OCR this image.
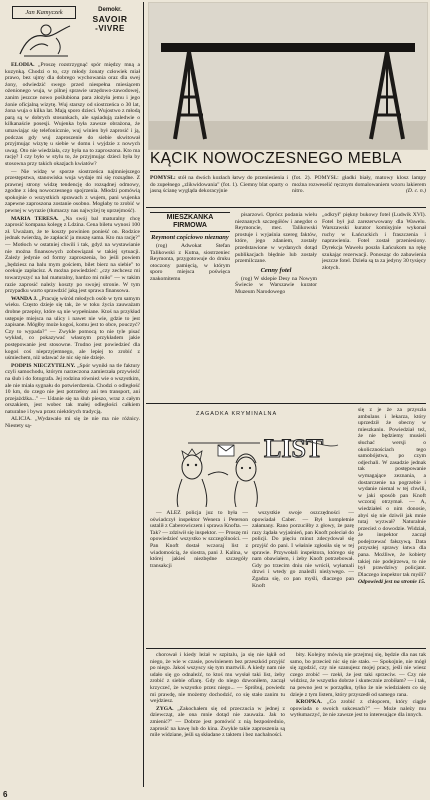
Jan Kamyczek	Demokr.
SAVOIR
-VIVRE

ELODIA. „Proszę rozstrzygnąć spór między mną a kuzynką. Chodzi o to, czy młody żonaty człowiek miał prawo, bez ujmy dla dobrego wychowania oraz dla swej żony, odwiedzić swego przed niespełna miesiącem ożenionego wuja, w pilnej sprawie urzędowo-zawodowej, zanim jeszcze nowo poślubiona para złożyła jemu i jego żonie oficjalną wizytę. Wuj starszy od siostrzeńca o 30 lat, żona wuja o kilka lat. Mają sporo dzieci. Wujostwo z młodą parą są w dobrych stosunkach, ale sąsiadują zaledwie o kilkanaście posesji. Wujenka była zawsze obrażona, że umawiając się telefonicznie, wuj winien był zaprosić i ją, podczas gdy wuj zaproszenie do siebie skwitował przyjmując wizytę u siebie w domu i wyjdzie z nowych uwag. Oto nie wiedziała, czy była na to zaproszona. Kto ma rację? I czy było w stylu to, że przyjmując dzieci była by stosowna przy takich okazjach kwiatów?

— Nie widzę w sporze siostrzeńca najmniejszego przestępstwa, stanowiska wuja wydaje mi się rozsądne. Z prawnej strony widzę tendencję do rozsądnej odmowy, zgodne z ideą nowoczesnego spojrzenia. Młodzi pomówią spokojnie o wszystkich sprawach z wujem, pani wujenka zapewne zaproszona zostanie osobno. Mogłaby to zrobić w pewnej w wyrazie (tłumaczy nas najwyżej tę uprzejmość).

MARIA TERESA. „Na swój bal maturalny chcę zaprosić kompana kolegę z Ldzina. Cena biletu wynosi 100 zł. Uważam, że te koszty powinien ponieść on. Rodzice jednak twierdzą, że zapłacić ja muszę sama. Kto ma rację?" — Motłoch w ostatniej chwili i tak, gdyż na wystawianie nie można finansowych zobowiązań w takiej sytuacji. Zależy jedynie od formy zaproszenia, bo jeśli powiem „będziesz na balu mym gościem, bilet bierz na siebie" to ocekuje zapłacisz. A można powiedzieć: „czy zechcesz mi towarzyszyć na bal maturalny, bardzo mi miło" — w takim razie zaprosić należy koszty po swojej stronie. W tym przypadku warto sprawdzić jaką jest sprawa finansowa.

WANDA J. „Pracuję wśród młodych osób w tym samym wieku. Często dzieje się tak, że w toku życia zauważam drobne przepisy, które są nie wypełniane. Ktoś na przykład ustępuje miejsca na ulicy i nawet nie wie, gdzie to jest zapisane. Mógłby może kogoś, komu jest to obce, pouczyć? Czy to wypada?" — Zwykle pomocą to nie tyle pisać wykład, co pokazywać własnym przykładem jakie postępowanie jest stosowne. Trudno jest powiedzieć dla kogoś coś nieprzyjemnego, ale lepiej to zrobić z uśmiechem, niż udawać że nic się nie dzieje.

PODPIS NIECZYTELNY. „Spór wynikł na tle faktury czyli samochodu, którym narzeczona zamierzała przywieźć na ślub i do fotografa. Jej rodzina również wie o wszystkim, ale nie miała sygnału do potwierdzenia. Chodzi o odległość 10 km, do czego nie jest potrzebny ani ten transport, ani przejażdżka..." — Udanie się na ślub pieszo, wraz z całym orszakiem, jest wobec tak małej odległości całkiem naturalne i bywa przez niektórych tradycją.

ALICJA. „Wydawało mi się że nie ma nie różnicy. Niestety są-

KĄCIK NOWOCZESNEGO MEBLA

POMYSŁ: stół na dwóch kozłach łatwy do przeniesienia i do zupełnego „zlikwidowania" (fot. 1). Ciemny blat oparty o jasną ścianę wygląda dekoracyjnie

(fot. 2). POMYSŁ: gładki biały, matowy klosz lampy można rozweselić ręcznym domalowaniem wzoru lakierem nitro.	(D. c. n.)

MIESZKANKA FIRMOWA
Reymont częściowo nieznany

(rog) Adwokat Stefan Talikowski z Kutna, siostrzeniec Reymonta, przygotowuje do druku otoczony pamięcią, w którym sporo miejsca poświęca znakomitemu

pisarzowi. Oprócz podania wielu nieznanych szczegółów i anegdot o Reymoncie, mec. Talikowski prostuje i wyjaśnia szereg faktów, które, jego zdaniem, zostały przedstawione w wydanych dotąd publikacjach błędnie lub zostały przemilczane.

Cenny fotel

(rog) W sklepie Desy na Nowym Świecie w Warszawie kurator Muzeum Narodowego

„odkrył" piękny bukowy fotel (Ludwik XVI). Fotel był już zarezerwowany dla Wawelu. Warszawski kurator komisyjnie wykonał ruchy w Łańcuckich i fraszczenia i naprawienia. Fotel został przeniesiony. Dyrekcja Wawelu poszła Łańcukom na rękę szukając rezerwacji. Ponosząc do zabawienia jeszcze fotel. Dzieła są ta za jedyny 30 tysięcy złotych.

ZAGADKA KRYMINALNA
LIST

się z je że za przyszła ambulans i lekarza, który uprzedził że obecny w mieszkaniu. Powiedział też, że nie będziemy musieli słuchać wersji o okolicznościach tego samobójstwa, po czym odjechali. W zasadzie jednak tak postępowanie wymagające zeznania, a dostarczenie na pogrzebie i wydanie niemal w tej chwili, w jaki sposób pan Knoft wczoraj otrzymał. — A, wiedziałeś o nim donosie, abyś się nie dziwił jak mnie tutaj wyzwał? Naturalnie przecież o dowodzie. Widział, że inspektor zaczął podejrzewać fałszywą. Data przyszłej sprawy łatwa dla pana. Możliwe, że kobiety takiej nie podejrzewa, to nie był prawdziwy policjant. Dlaczego inspektor tak myśli?

Odpowiedź jest na stronie 15.

— ALEŻ policja juz to była — oświadczył inspektor Wenera i Peterson ustalił z Caberowiczem i sprawa Knofta. — Tak? — zdziwił się inspektor. — Proszę mi opowiedzieć wszystko w szczególności. — Pan Knoft dostał wczoraj list z wiadomością, że siostra, pani J. Kalina, w której jakieś niezbędne szczegóły transakcji

wszystkie swoje oszczędności — opowiadał Caber. — Był kompletnie załamany. Rano porzuciłby z głowy, że parę razy żądała wyjaśnień, pan Knoft poleciał do policji. Do pięciu minut zdecydował się przyjść do pani. I właśnie zgłosiła się w tej sprawie. Przywołali inspektora, którego się nam obawiałem, i żeby Knoft potrzebował. Gdy po trzecim dniu nie wrócił, wyłamali drzwi i wtedy go znaleźli nieżywego. — Zgadza się, co pan myśli, dlaczego pan Knoft

chorował i kiedy leżał w szpitalu, ja się nie łąkił od niego, że wie w czasie, powinienem bez przeszkód przyjść po niego. Jakoś wszyscy się tym martwili. A kiedy nam nie udało się go odnaleźć, to ktoś mu wysłał taki list, żeby zrobić z siebie ofiarę. Gdy do niego dzwoniłem, zaczął krzyczeć, że wszystko przez niego... — Spróbuj, powiedz mi prawdę, nie możemy dochodzić, co się stało zanim tu wejdziesz.

ZYGA. „Zakochałem się od przeczucia w jednej z dziewcząt, ale ona mnie dotąd nie zauważa. Jak to zmienić?" — Dobrze jest pomówić z nią bezpośrednio, zaprosić na kawę lub do kina. Zwykle takie zaproszenia są mile widziane, jeśli są składane z taktem i bez nachalności.

bity. Kolejny mówią nie przejmuj się, będzie dla nas tak samo, bo przecież nic się nie stało. — Spokojnie, nie mógł się zgodzić, czy nie szanujesz mojej pracy, jeśli nie wiesz czego zrobić — rzekł, że jest taki sprzeciw. — Czy nie widzisz, że wszystko dobrze i skutecznie zrobiłam? — i tak, na pewno jest w porządku, tylko że nie wiedziałem co się dzieje z tym listem, który przyszedł od samego rana.

KROPKA. „Co zrobić z chłopcem, który ciągle opowiada o swoich sukcesach?" — Może należy mu wytłumaczyć, że nie zawsze jest to interesujące dla innych.

6
